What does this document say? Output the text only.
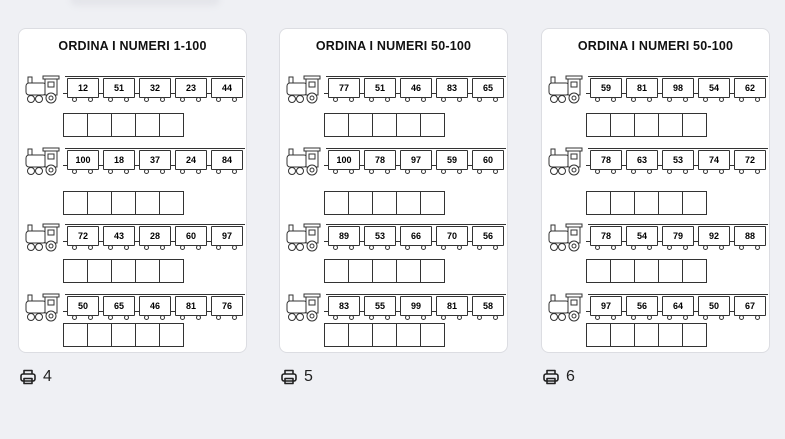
ORDINA I NUMERI 1-100
12	51	32	23	44
100	18	37	24	84
72	43	28	60	97
50	65	46	81	76
4
ORDINA I NUMERI 50-100
77	51	46	83	65
100	78	97	59	60
89	53	66	70	56
83	55	99	81	58
5
ORDINA I NUMERI 50-100
59	81	98	54	62
78	63	53	74	72
78	54	79	92	88
97	56	64	50	67
6
